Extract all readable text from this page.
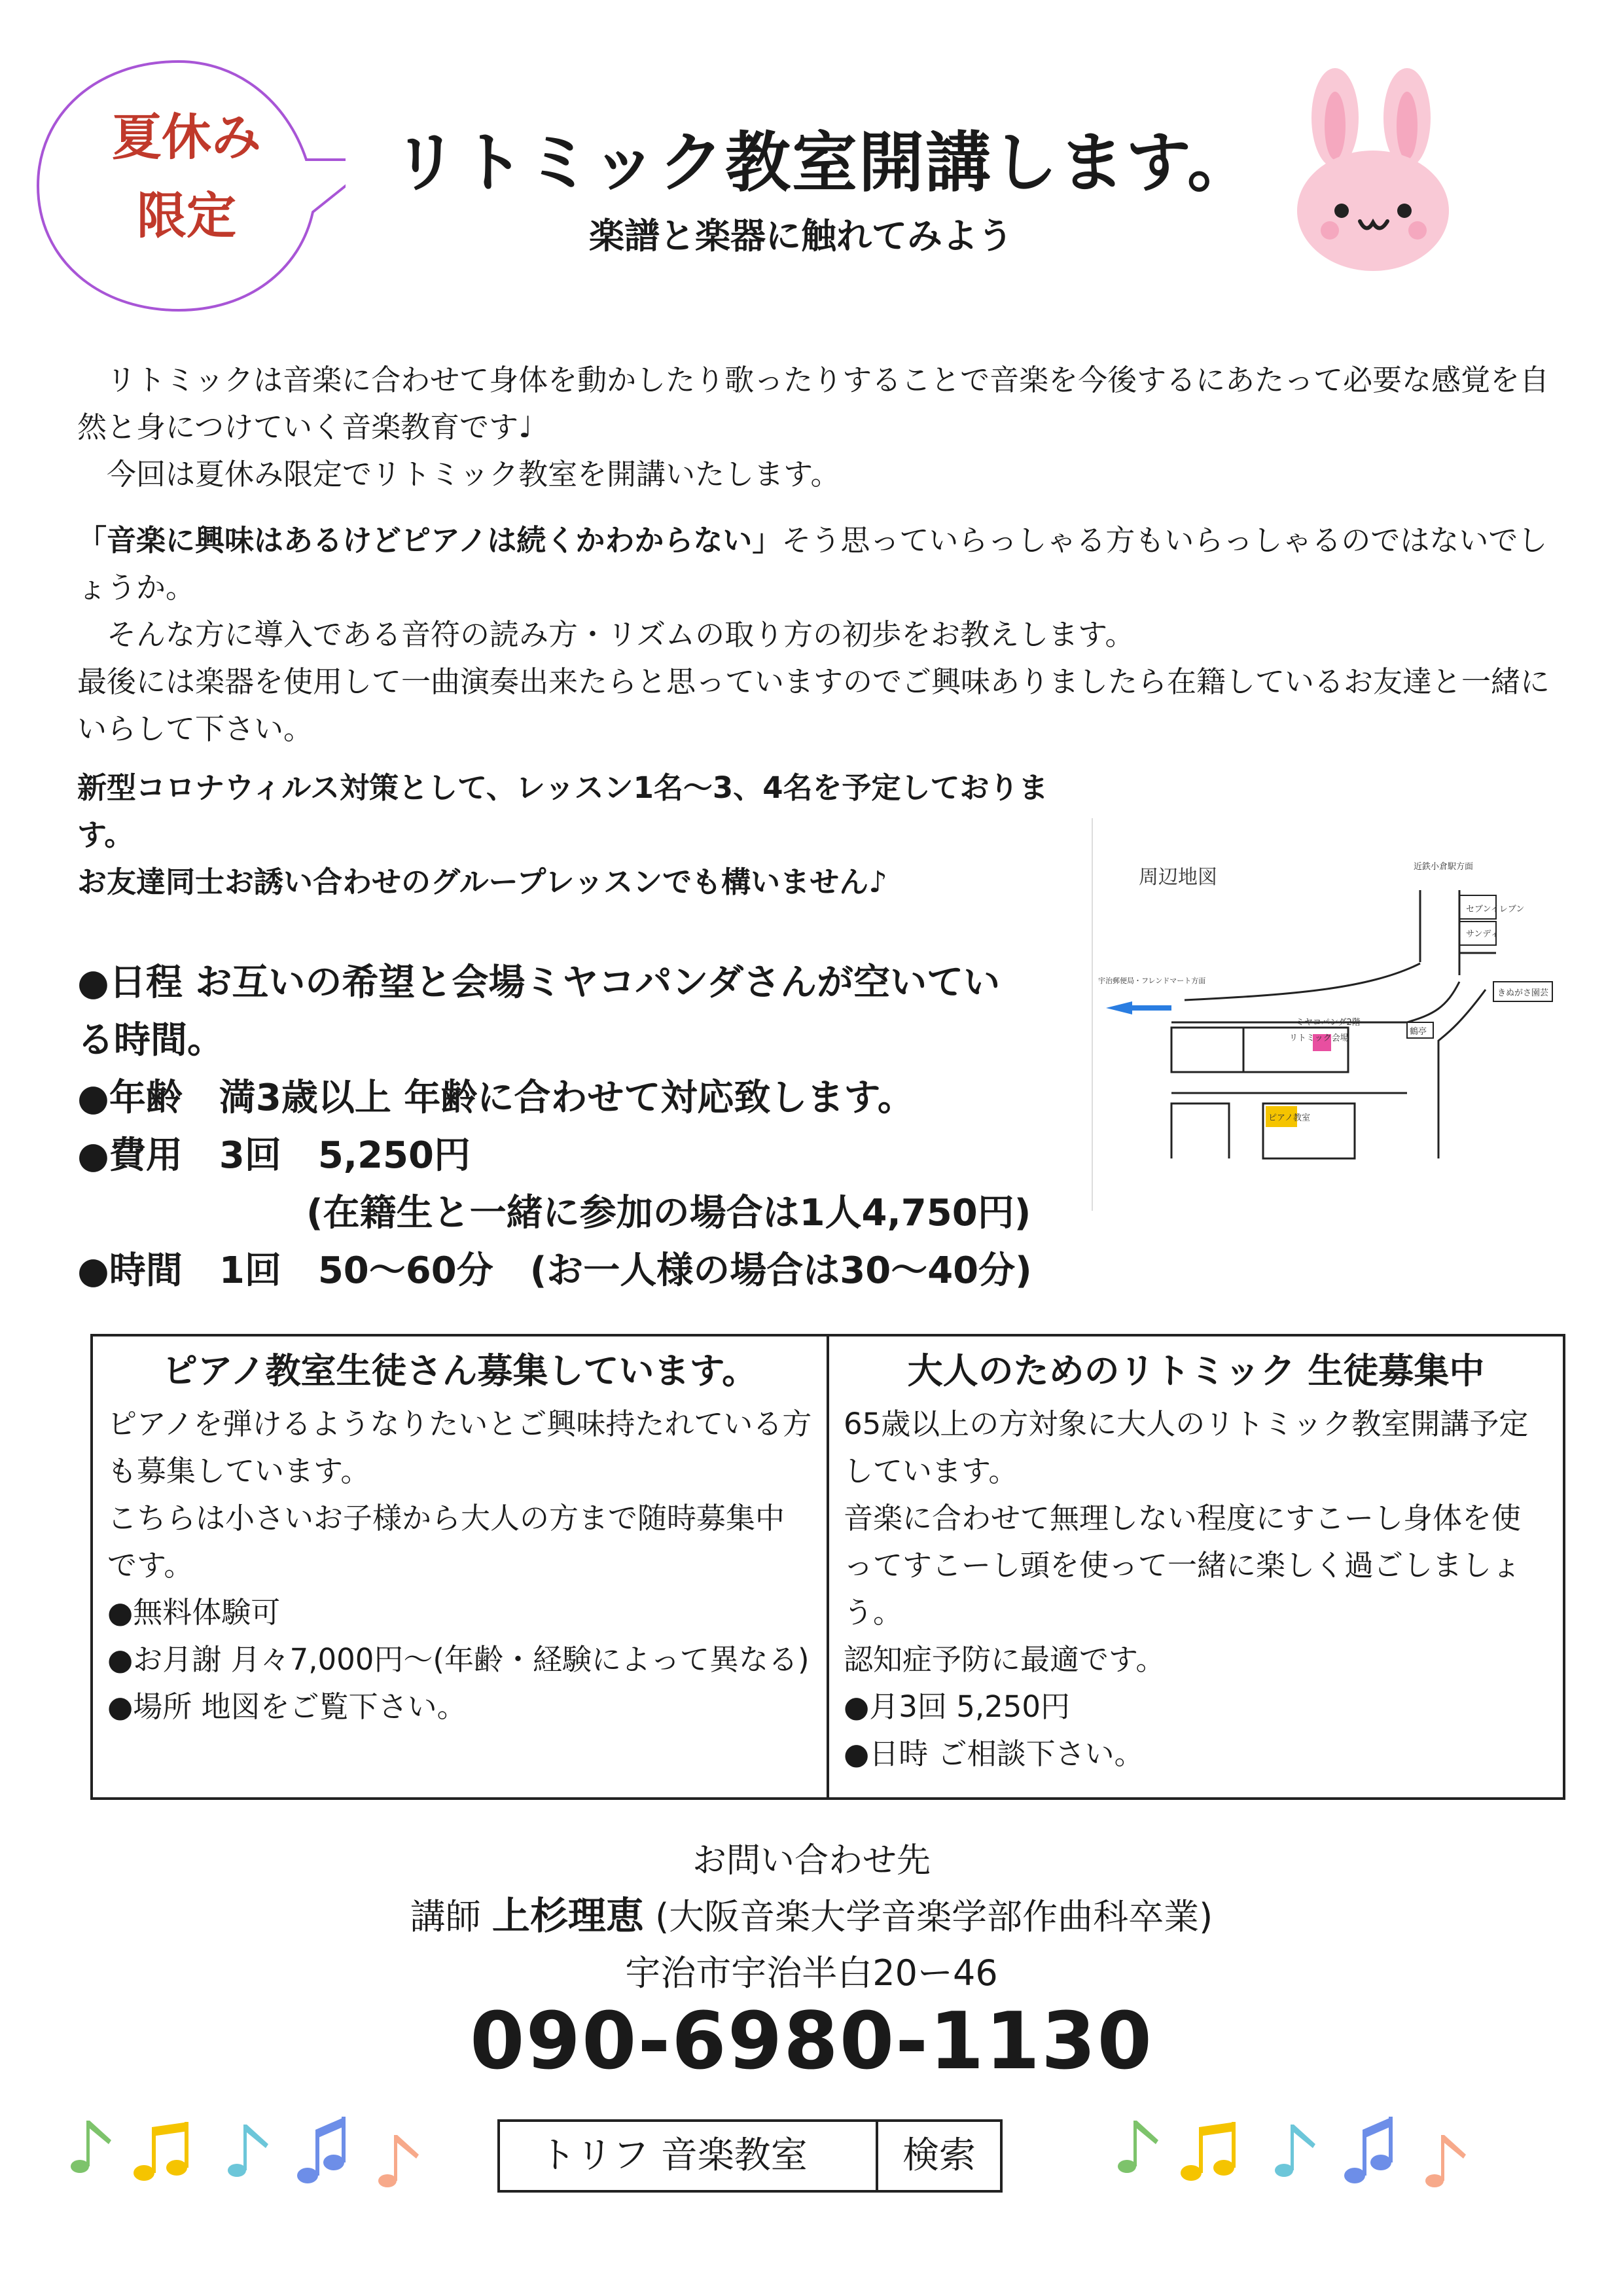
夏休み
限定
リトミック教室開講します。
楽譜と楽器に触れてみよう

　リトミックは音楽に合わせて身体を動かしたり歌ったりすることで音楽を今後するにあたって必要な感覚を自然と身につけていく音楽教育です♩

　今回は夏休み限定でリトミック教室を開講いたします。

「音楽に興味はあるけどピアノは続くかわからない」そう思っていらっしゃる方もいらっしゃるのではないでしょうか。

　そんな方に導入である音符の読み方・リズムの取り方の初歩をお教えします。

最後には楽器を使用して一曲演奏出来たらと思っていますのでご興味ありましたら在籍しているお友達と一緒にいらして下さい。

新型コロナウィルス対策として、レッスン1名〜3、4名を予定しております。

お友達同士お誘い合わせのグループレッスンでも構いません♪

●日程 お互いの希望と会場ミヤコパンダさんが空いてい

る時間。

●年齢　満3歳以上 年齢に合わせて対応致します。

●費用　3回　5,250円

(在籍生と一緒に参加の場合は1人4,750円)

●時間　1回　50〜60分　(お一人様の場合は30〜40分)

周辺地図	近鉄小倉駅方面
セブンイレブン
サンディ
宇治郵便局・フレンドマート方面
きぬがさ園芸
ミヤコパンダ2階
リトミック会場
鶴亭
ピアノ教室
ピアノ教室生徒さん募集しています。

ピアノを弾けるようなりたいとご興味持たれている方も募集しています。

こちらは小さいお子様から大人の方まで随時募集中です。

●無料体験可

●お月謝 月々7,000円〜(年齢・経験によって異なる)

●場所 地図をご覧下さい。

大人のためのリトミック 生徒募集中

65歳以上の方対象に大人のリトミック教室開講予定しています。

音楽に合わせて無理しない程度にすこーし身体を使ってすこーし頭を使って一緒に楽しく過ごしましょう。

認知症予防に最適です。

●月3回 5,250円

●日時 ご相談下さい。

お問い合わせ先
講師 上杉理恵 (大阪音楽大学音楽学部作曲科卒業)
宇治市宇治半白20ー46
090-6980-1130
トリフ 音楽教室	検索
